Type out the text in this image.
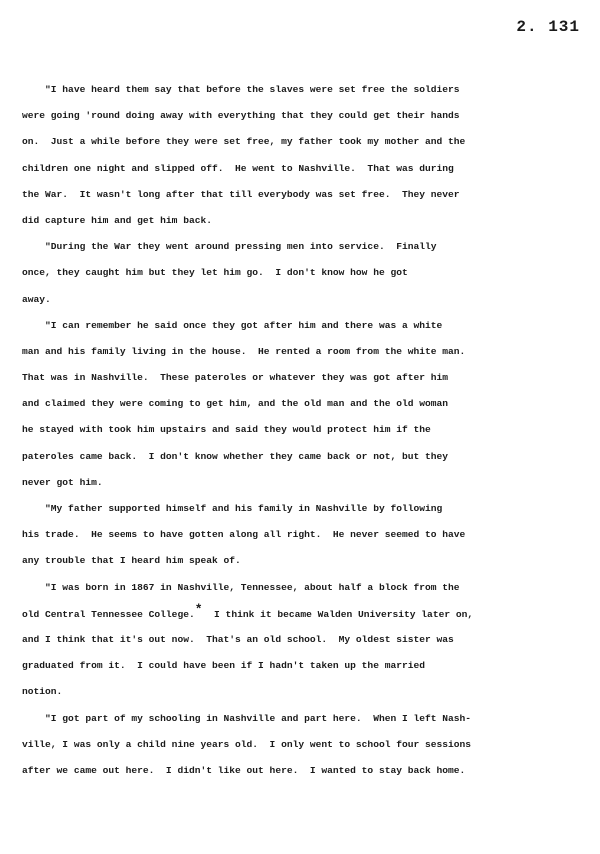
2. 131
"I have heard them say that before the slaves were set free the soldiers
were going 'round doing away with everything that they could get their hands
on.  Just a while before they were set free, my father took my mother and the
children one night and slipped off.  He went to Nashville.  That was during
the War.  It wasn't long after that till everybody was set free.  They never
did capture him and get him back.
"During the War they went around pressing men into service.  Finally
once, they caught him but they let him go.  I don't know how he got
away.
"I can remember he said once they got after him and there was a white
man and his family living in the house.  He rented a room from the white man.
That was in Nashville.  These pateroles or whatever they was got after him
and claimed they were coming to get him, and the old man and the old woman
he stayed with took him upstairs and said they would protect him if the
pateroles came back.  I don't know whether they came back or not, but they
never got him.
"My father supported himself and his family in Nashville by following
his trade.  He seems to have gotten along all right.  He never seemed to have
any trouble that I heard him speak of.
"I was born in 1867 in Nashville, Tennessee, about half a block from the
old Central Tennessee College.*  I think it became Walden University later on,
and I think that it's out now.  That's an old school.  My oldest sister was
graduated from it.  I could have been if I hadn't taken up the married
notion.
"I got part of my schooling in Nashville and part here.  When I left Nash-
ville, I was only a child nine years old.  I only went to school four sessions
after we came out here.  I didn't like out here.  I wanted to stay back home.
